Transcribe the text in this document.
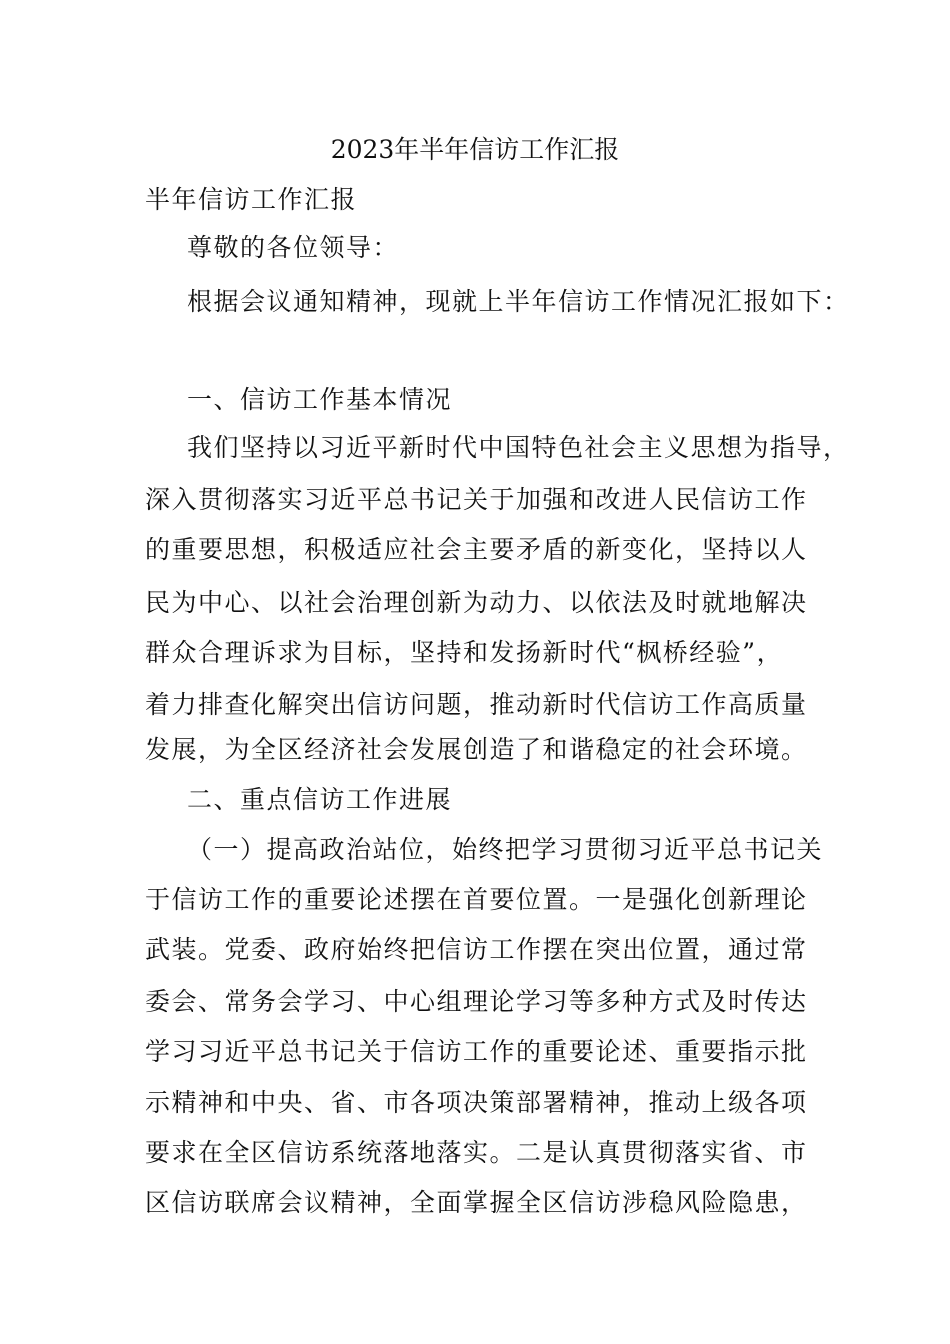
2023年半年信访工作汇报
半年信访工作汇报
尊敬的各位领导：
根据会议通知精神，现就上半年信访工作情况汇报如下：
一、信访工作基本情况
我们坚持以习近平新时代中国特色社会主义思想为指导，
深入贯彻落实习近平总书记关于加强和改进人民信访工作
的重要思想，积极适应社会主要矛盾的新变化，坚持以人
民为中心、以社会治理创新为动力、以依法及时就地解决
群众合理诉求为目标，坚持和发扬新时代“枫桥经验”，
着力排查化解突出信访问题，推动新时代信访工作高质量
发展，为全区经济社会发展创造了和谐稳定的社会环境。
二、重点信访工作进展
（一）提高政治站位，始终把学习贯彻习近平总书记关
于信访工作的重要论述摆在首要位置。一是强化创新理论
武装。党委、政府始终把信访工作摆在突出位置，通过常
委会、常务会学习、中心组理论学习等多种方式及时传达
学习习近平总书记关于信访工作的重要论述、重要指示批
示精神和中央、省、市各项决策部署精神，推动上级各项
要求在全区信访系统落地落实。二是认真贯彻落实省、市
区信访联席会议精神，全面掌握全区信访涉稳风险隐患，
